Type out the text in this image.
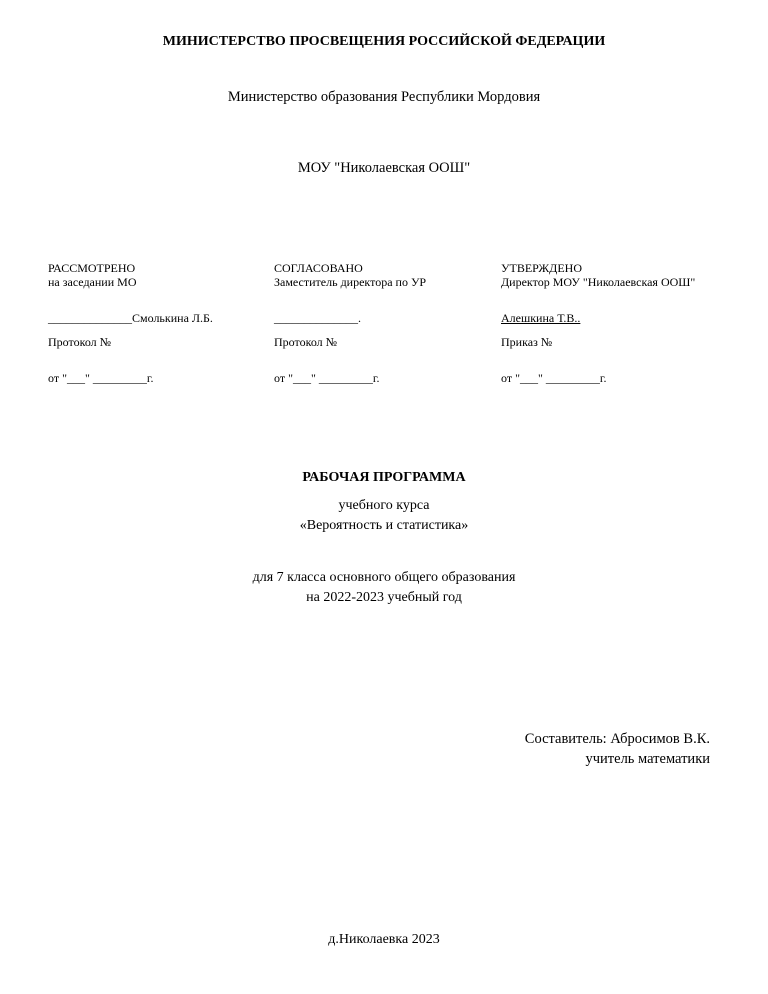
МИНИСТЕРСТВО ПРОСВЕЩЕНИЯ РОССИЙСКОЙ ФЕДЕРАЦИИ
Министерство образования Республики Мордовия
МОУ "Николаевская ООШ"
РАССМОТРЕНО
на заседании МО
______________Смолькина Л.Б.
Протокол №
от "___" _________г.
СОГЛАСОВАНО
Заместитель директора по УР
______________.
Протокол №
от "___" _________г.
УТВЕРЖДЕНО
Директор МОУ "Николаевская ООШ"
Алешкина Т.В..
Приказ №
от "___" _________г.
РАБОЧАЯ ПРОГРАММА
учебного курса
«Вероятность и статистика»
для 7 класса основного общего образования
на 2022-2023 учебный год
Составитель: Абросимов В.К.
учитель математики
д.Николаевка 2023
